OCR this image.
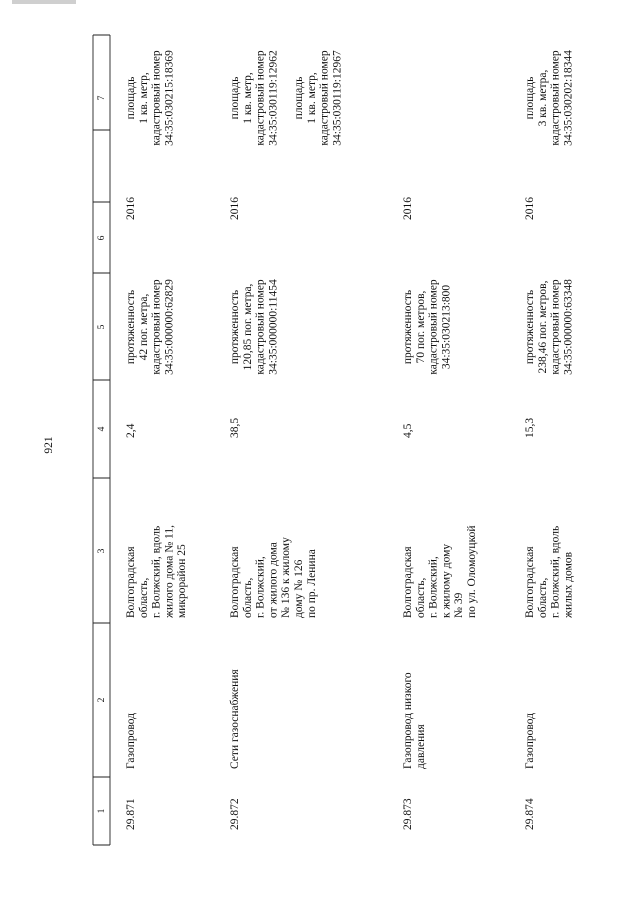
921
1
2
3
4
5
6
7
29.871
Газопровод
Волгоградская область, г. Волжский, вдоль жилого дома № 11, микрорайон 25
2,4
протяженность 42 пог. метра, кадастровый номер 34:35:000000:62829
2016
площадь 1 кв. метр, кадастровый номер 34:35:030215:18369
29.872
Сети газоснабжения
Волгоградская область, г. Волжский, от жилого дома № 136 к жилому дому № 126 по пр. Ленина
38,5
протяженность 120,85 пог. метра, кадастровый номер 34:35:000000:11454
2016
площадь 1 кв. метр, кадастровый номер 34:35:030119:12962 площадь 1 кв. метр, кадастровый номер 34:35:030119:12967
29.873
Газопровод низкого давления
Волгоградская область, г. Волжский, к жилому дому № 39 по ул. Оломоуцкой
4,5
протяженность 70 пог. метров, кадастровый номер 34:35:030213:800
2016
29.874
Газопровод
Волгоградская область, г. Волжский, вдоль жилых домов
15,3
протяженность 238,46 пог. метров, кадастровый номер 34:35:000000:63348
2016
площадь 3 кв. метра, кадастровый номер 34:35:030202:18344
